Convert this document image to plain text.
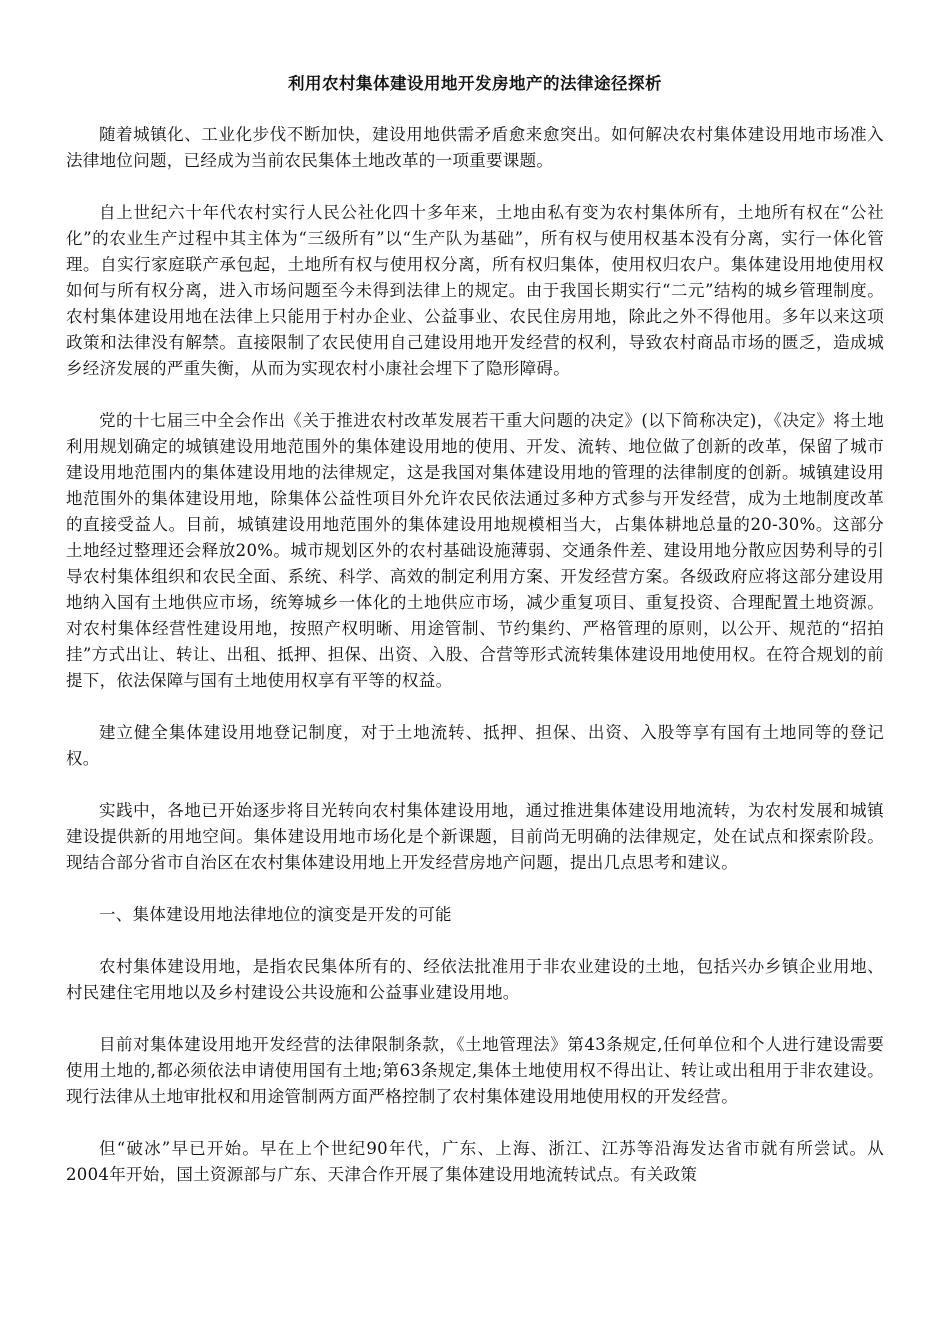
利用农村集体建设用地开发房地产的法律途径探析

随着城镇化、工业化步伐不断加快，建设用地供需矛盾愈来愈突出。如何解决农村集体建设用地市场准入法律地位问题，已经成为当前农民集体土地改革的一项重要课题。

自上世纪六十年代农村实行人民公社化四十多年来，土地由私有变为农村集体所有，土地所有权在“公社化”的农业生产过程中其主体为“三级所有”以“生产队为基础”，所有权与使用权基本没有分离，实行一体化管理。自实行家庭联产承包起，土地所有权与使用权分离，所有权归集体，使用权归农户。集体建设用地使用权如何与所有权分离，进入市场问题至今未得到法律上的规定。由于我国长期实行“二元”结构的城乡管理制度。农村集体建设用地在法律上只能用于村办企业、公益事业、农民住房用地，除此之外不得他用。多年以来这项政策和法律没有解禁。直接限制了农民使用自己建设用地开发经营的权利，导致农村商品市场的匮乏，造成城乡经济发展的严重失衡，从而为实现农村小康社会埋下了隐形障碍。

党的十七届三中全会作出《关于推进农村改革发展若干重大问题的决定》(以下简称决定)，《决定》将土地利用规划确定的城镇建设用地范围外的集体建设用地的使用、开发、流转、地位做了创新的改革，保留了城市建设用地范围内的集体建设用地的法律规定，这是我国对集体建设用地的管理的法律制度的创新。城镇建设用地范围外的集体建设用地，除集体公益性项目外允许农民依法通过多种方式参与开发经营，成为土地制度改革的直接受益人。目前，城镇建设用地范围外的集体建设用地规模相当大，占集体耕地总量的20-30%。这部分土地经过整理还会释放20%。城市规划区外的农村基础设施薄弱、交通条件差、建设用地分散应因势利导的引导农村集体组织和农民全面、系统、科学、高效的制定利用方案、开发经营方案。各级政府应将这部分建设用地纳入国有土地供应市场，统筹城乡一体化的土地供应市场，减少重复项目、重复投资、合理配置土地资源。对农村集体经营性建设用地，按照产权明晰、用途管制、节约集约、严格管理的原则，以公开、规范的“招拍挂”方式出让、转让、出租、抵押、担保、出资、入股、合营等形式流转集体建设用地使用权。在符合规划的前提下，依法保障与国有土地使用权享有平等的权益。

建立健全集体建设用地登记制度，对于土地流转、抵押、担保、出资、入股等享有国有土地同等的登记权。

实践中，各地已开始逐步将目光转向农村集体建设用地，通过推进集体建设用地流转，为农村发展和城镇建设提供新的用地空间。集体建设用地市场化是个新课题，目前尚无明确的法律规定，处在试点和探索阶段。现结合部分省市自治区在农村集体建设用地上开发经营房地产问题，提出几点思考和建议。

一、集体建设用地法律地位的演变是开发的可能

农村集体建设用地，是指农民集体所有的、经依法批准用于非农业建设的土地，包括兴办乡镇企业用地、村民建住宅用地以及乡村建设公共设施和公益事业建设用地。

目前对集体建设用地开发经营的法律限制条款，《土地管理法》第43条规定,任何单位和个人进行建设需要使用土地的,都必须依法申请使用国有土地;第63条规定,集体土地使用权不得出让、转让或出租用于非农建设。现行法律从土地审批权和用途管制两方面严格控制了农村集体建设用地使用权的开发经营。

但“破冰”早已开始。早在上个世纪90年代，广东、上海、浙江、江苏等沿海发达省市就有所尝试。从2004年开始，国土资源部与广东、天津合作开展了集体建设用地流转试点。有关政策
